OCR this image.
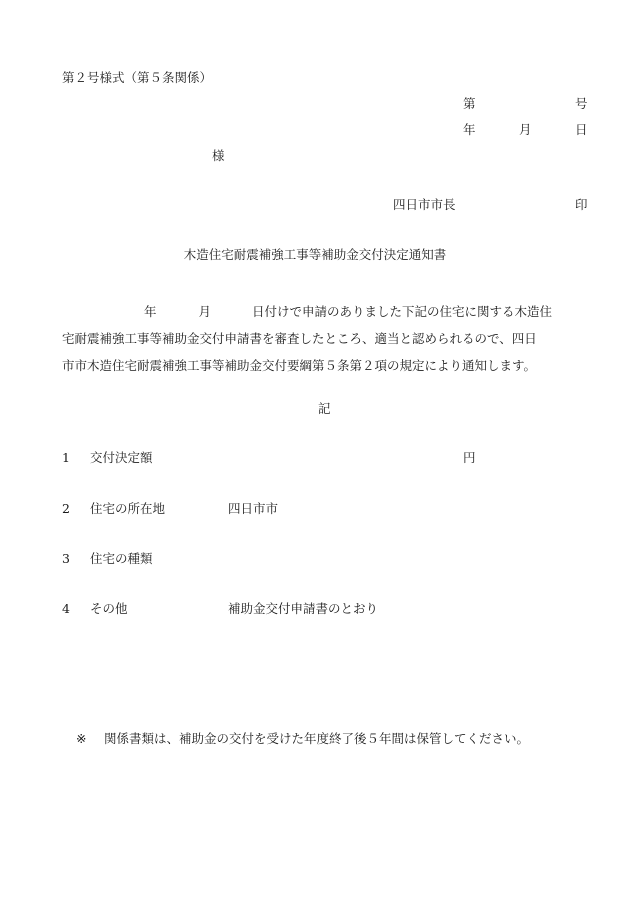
第２号様式（第５条関係）
第	号
年	月	日
様
四日市市長	印
木造住宅耐震補強工事等補助金交付決定通知書
年	月	日付けで申請のありました下記の住宅に関する木造住
宅耐震補強工事等補助金交付申請書を審査したところ、適当と認められるので、四日
市市木造住宅耐震補強工事等補助金交付要綱第５条第２項の規定により通知します。
記
1 交付決定額	円
2 住宅の所在地	四日市市
3 住宅の種類
4 その他	補助金交付申請書のとおり
※ 関係書類は、補助金の交付を受けた年度終了後５年間は保管してください。
